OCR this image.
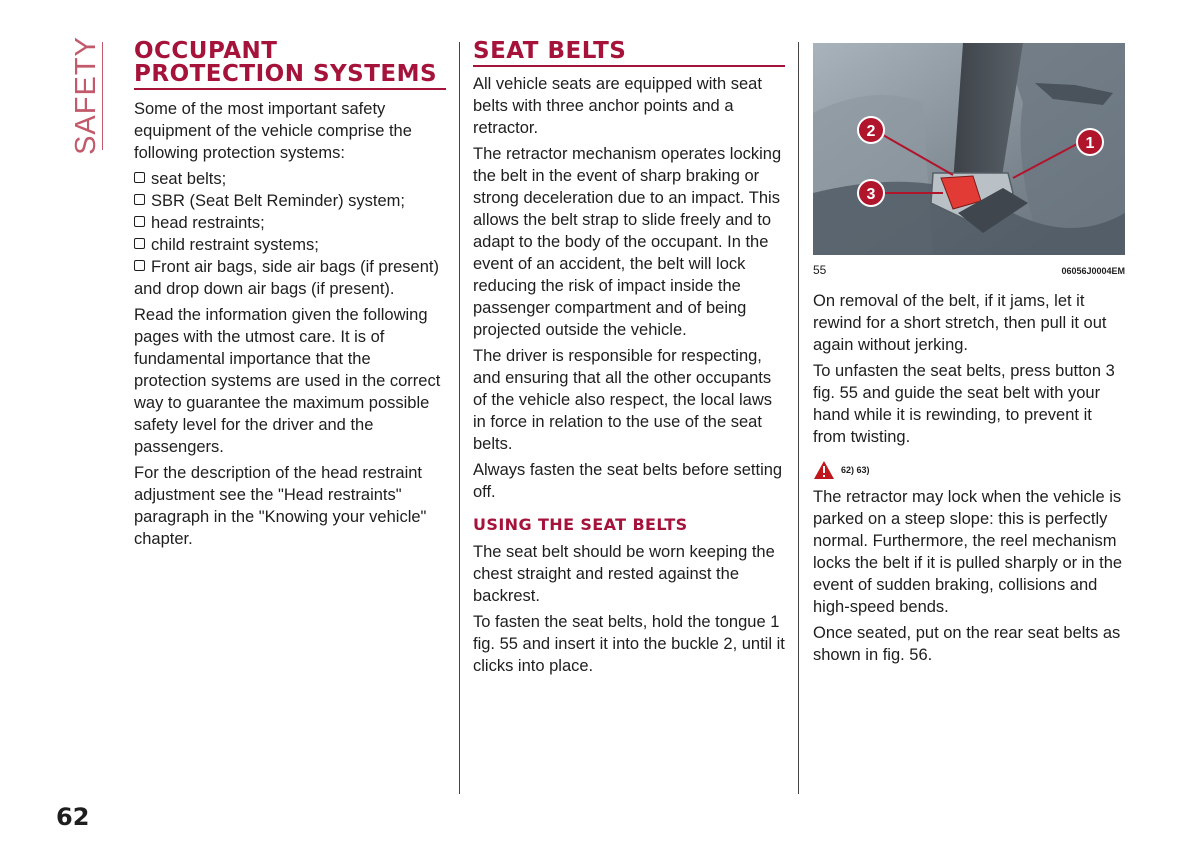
SAFETY OCCUPANT PROTECTION SYSTEMS

Some of the most important safety equipment of the vehicle comprise the following protection systems:

seat belts;
SBR (Seat Belt Reminder) system;
head restraints;
child restraint systems;
Front air bags, side air bags (if present) and drop down air bags (if present).

Read the information given the following pages with the utmost care. It is of fundamental importance that the protection systems are used in the correct way to guarantee the maximum possible safety level for the driver and the passengers.

For the description of the head restraint adjustment see the "Head restraints" paragraph in the "Knowing your vehicle" chapter.

SEAT BELTS

All vehicle seats are equipped with seat belts with three anchor points and a retractor.

The retractor mechanism operates locking the belt in the event of sharp braking or strong deceleration due to an impact. This allows the belt strap to slide freely and to adapt to the body of the occupant. In the event of an accident, the belt will lock reducing the risk of impact inside the passenger compartment and of being projected outside the vehicle.

The driver is responsible for respecting, and ensuring that all the other occupants of the vehicle also respect, the local laws in force in relation to the use of the seat belts.

Always fasten the seat belts before setting off.

USING THE SEAT BELTS

The seat belt should be worn keeping the chest straight and rested against the backrest.

To fasten the seat belts, hold the tongue 1 fig. 55 and insert it into the buckle 2, until it clicks into place.

2
3
1
55	06056J0004EM

On removal of the belt, if it jams, let it rewind for a short stretch, then pull it out again without jerking.

To unfasten the seat belts, press button 3 fig. 55 and guide the seat belt with your hand while it is rewinding, to prevent it from twisting.

62) 63)

The retractor may lock when the vehicle is parked on a steep slope: this is perfectly normal. Furthermore, the reel mechanism locks the belt if it is pulled sharply or in the event of sudden braking, collisions and high-speed bends.

Once seated, put on the rear seat belts as shown in fig. 56.

62
